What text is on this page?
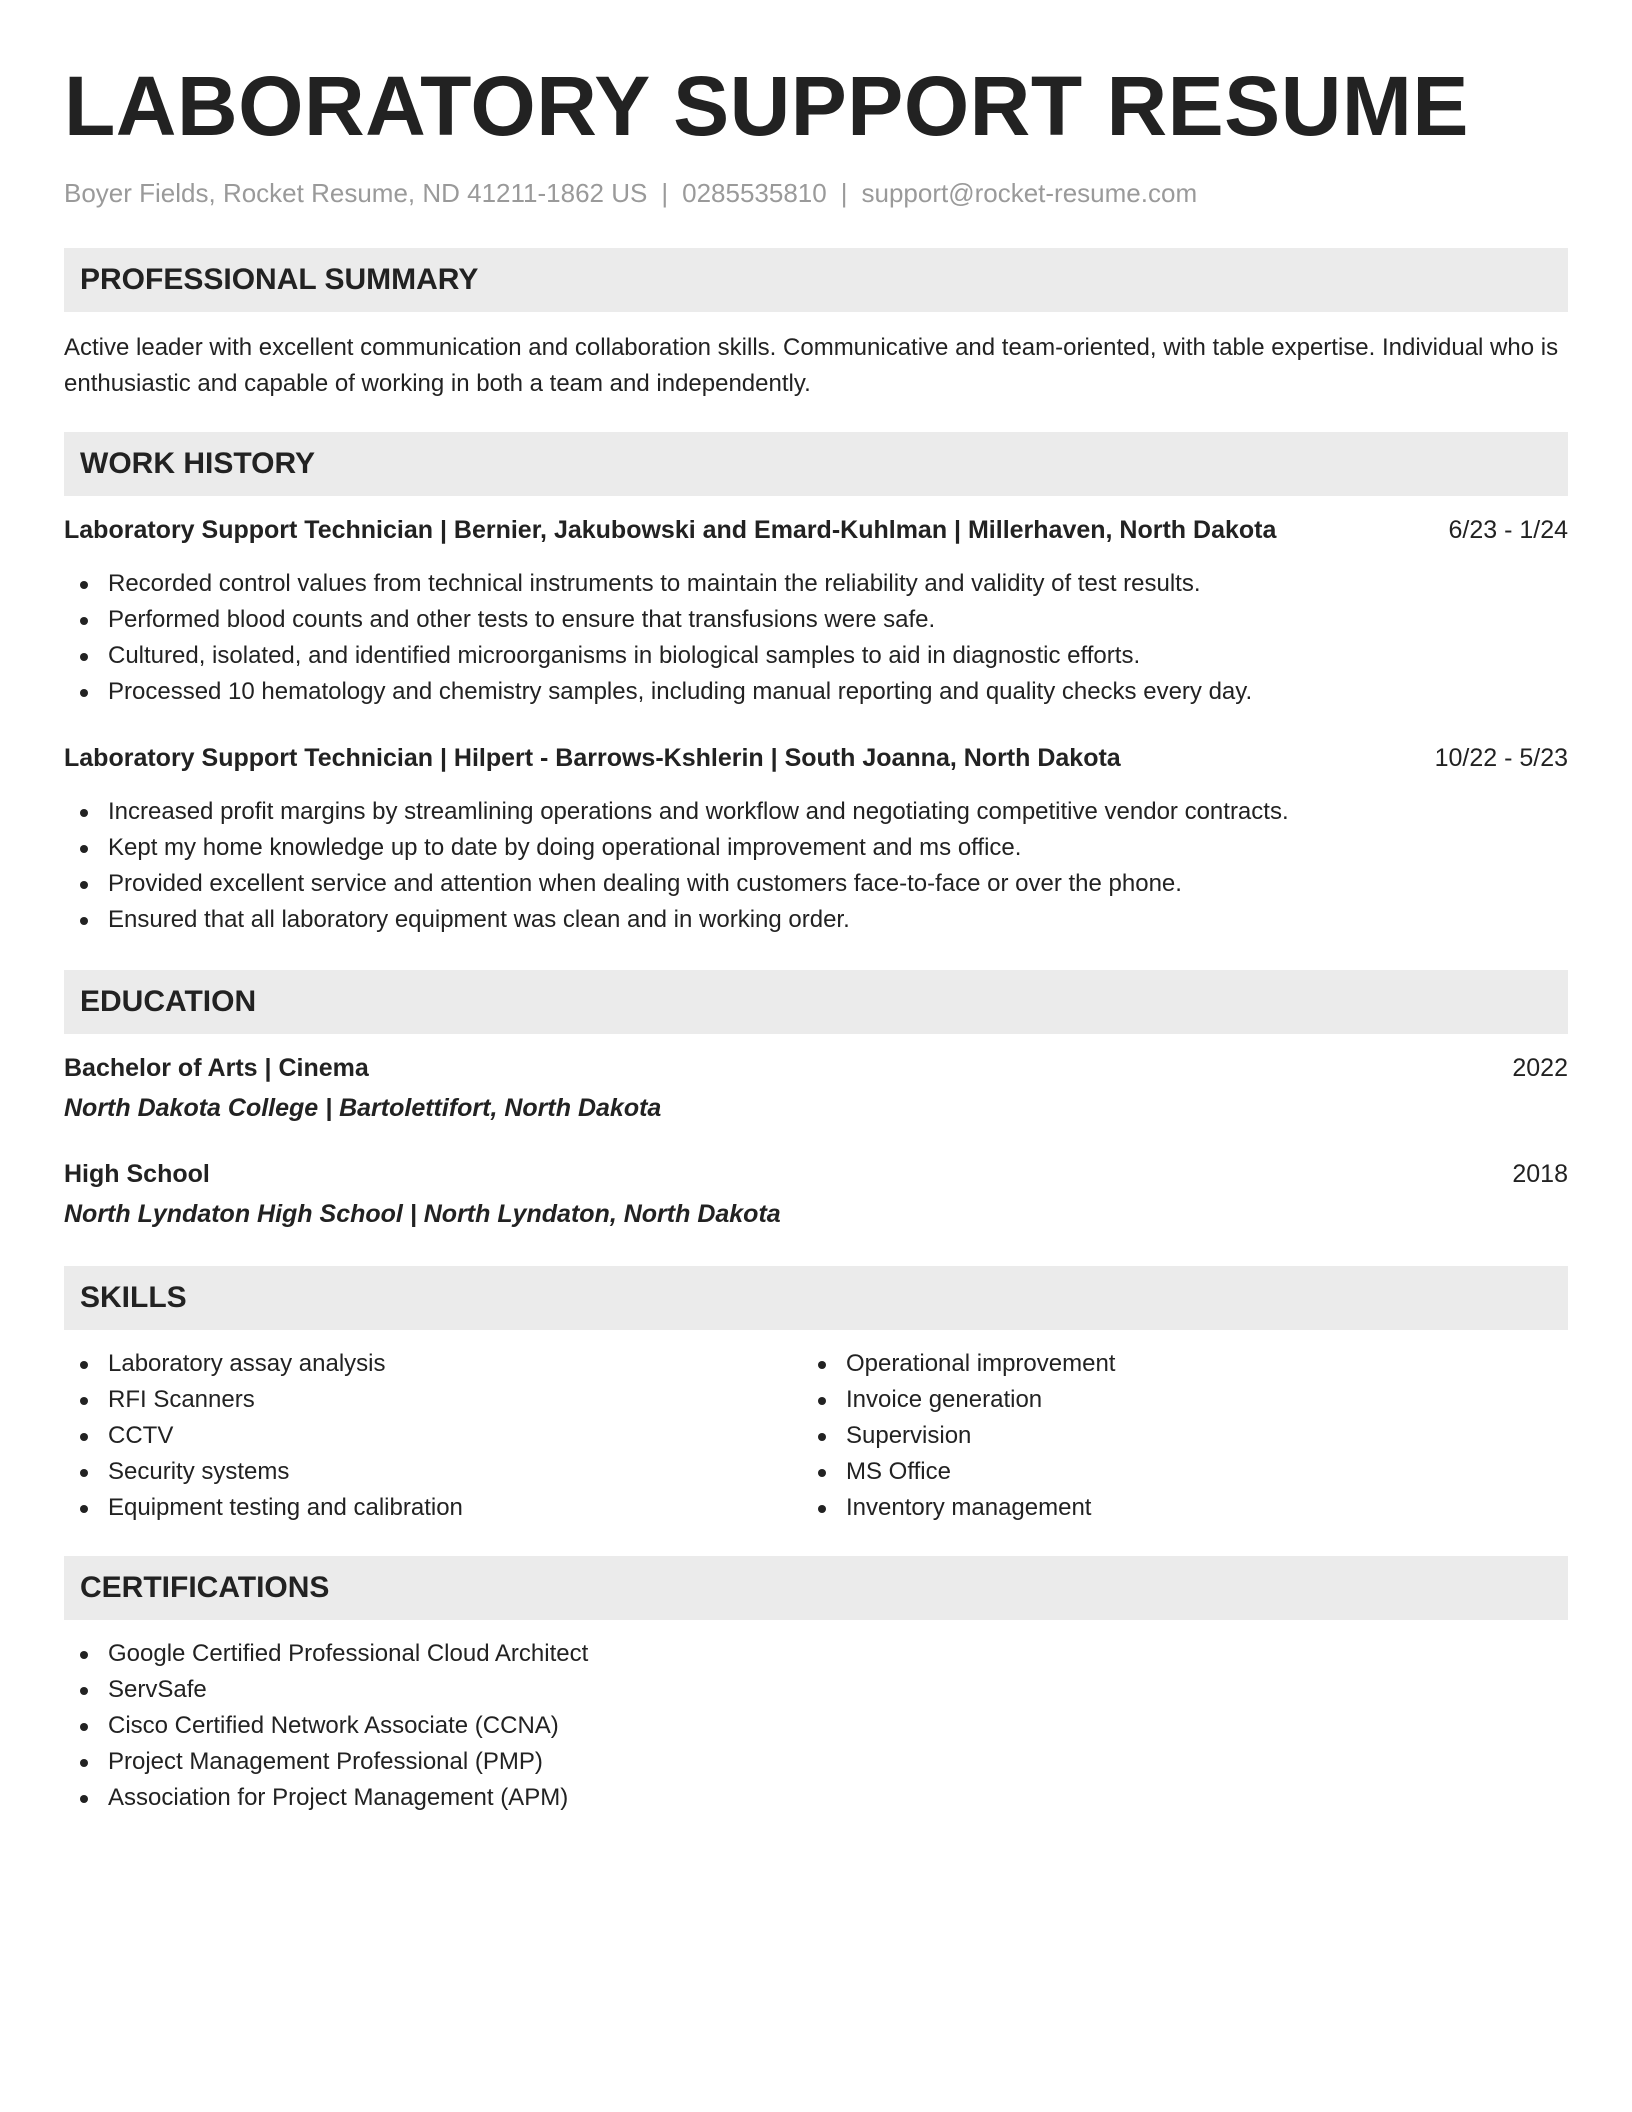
LABORATORY SUPPORT RESUME
Boyer Fields, Rocket Resume, ND 41211-1862 US | 0285535810 | support@rocket-resume.com
PROFESSIONAL SUMMARY
Active leader with excellent communication and collaboration skills. Communicative and team-oriented, with table expertise. Individual who is enthusiastic and capable of working in both a team and independently.
WORK HISTORY
Laboratory Support Technician | Bernier, Jakubowski and Emard-Kuhlman | Millerhaven, North Dakota	6/23 - 1/24
Recorded control values from technical instruments to maintain the reliability and validity of test results.
Performed blood counts and other tests to ensure that transfusions were safe.
Cultured, isolated, and identified microorganisms in biological samples to aid in diagnostic efforts.
Processed 10 hematology and chemistry samples, including manual reporting and quality checks every day.
Laboratory Support Technician | Hilpert - Barrows-Kshlerin | South Joanna, North Dakota	10/22 - 5/23
Increased profit margins by streamlining operations and workflow and negotiating competitive vendor contracts.
Kept my home knowledge up to date by doing operational improvement and ms office.
Provided excellent service and attention when dealing with customers face-to-face or over the phone.
Ensured that all laboratory equipment was clean and in working order.
EDUCATION
Bachelor of Arts | Cinema	2022
North Dakota College | Bartolettifort, North Dakota
High School	2018
North Lyndaton High School | North Lyndaton, North Dakota
SKILLS
Laboratory assay analysis
RFI Scanners
CCTV
Security systems
Equipment testing and calibration
Operational improvement
Invoice generation
Supervision
MS Office
Inventory management
CERTIFICATIONS
Google Certified Professional Cloud Architect
ServSafe
Cisco Certified Network Associate (CCNA)
Project Management Professional (PMP)
Association for Project Management (APM)
